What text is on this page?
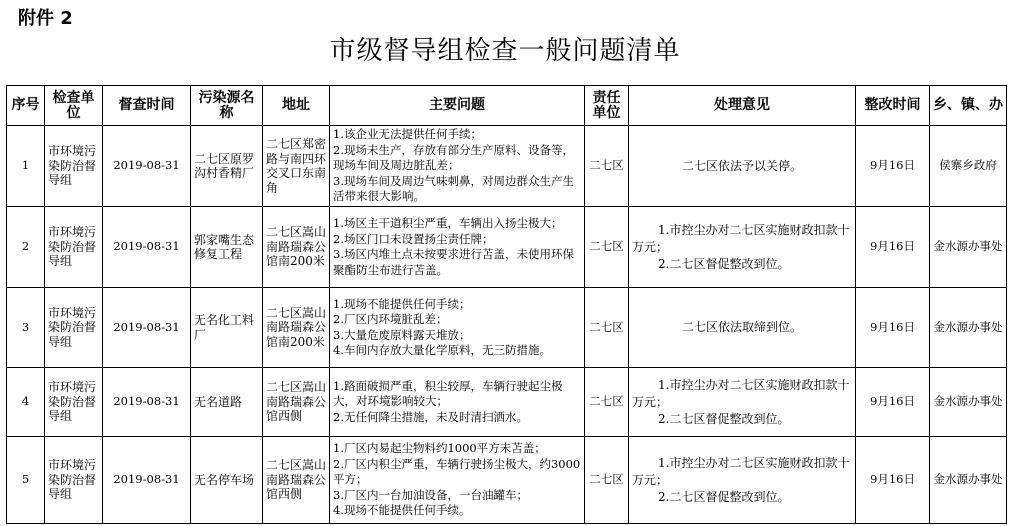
附件 2
市级督导组检查一般问题清单
序号	检查单位	督查时间	污染源名称	地址	主要问题	责任单位	处理意见	整改时间	乡、镇、办
1	市环境污染防治督导组	2019-08-31	二七区原罗沟村香精厂	二七区郑密路与南四环交叉口东南角	1.该企业无法提供任何手续；
2.现场未生产，存放有部分生产原料、设备等，现场车间及周边脏乱差；
3.现场车间及周边气味刺鼻，对周边群众生产生活带来很大影响。	二七区	二七区依法予以关停。	9月16日	侯寨乡政府
2	市环境污染防治督导组	2019-08-31	郭家嘴生态修复工程	二七区嵩山南路瑞森公馆南200米	1.场区主干道积尘严重，车辆出入扬尘极大；
2.场区门口未设置扬尘责任牌；
3.场区内堆土点未按要求进行苫盖，未使用环保聚酯防尘布进行苫盖。	二七区	1.市控尘办对二七区实施财政扣款十万元；
2.二七区督促整改到位。	9月16日	金水源办事处
3	市环境污染防治督导组	2019-08-31	无名化工料厂	二七区嵩山南路瑞森公馆南200米	1.现场不能提供任何手续；
2.厂区内环境脏乱差；
3.大量危废原料露天堆放；
4.车间内存放大量化学原料，无三防措施。	二七区	二七区依法取缔到位。	9月16日	金水源办事处
4	市环境污染防治督导组	2019-08-31	无名道路	二七区嵩山南路瑞森公馆西侧	1.路面破损严重，积尘较厚，车辆行驶起尘极大，对环境影响较大；
2.无任何降尘措施，未及时清扫洒水。	二七区	1.市控尘办对二七区实施财政扣款十万元；
2.二七区督促整改到位。	9月16日	金水源办事处
5	市环境污染防治督导组	2019-08-31	无名停车场	二七区嵩山南路瑞森公馆西侧	1.厂区内易起尘物料约1000平方未苫盖；
2.厂区内积尘严重，车辆行驶扬尘极大，约3000平方；
3.厂区内一台加油设备，一台油罐车；
4.现场不能提供任何手续。	二七区	1.市控尘办对二七区实施财政扣款十万元；
2.二七区督促整改到位。	9月16日	金水源办事处
